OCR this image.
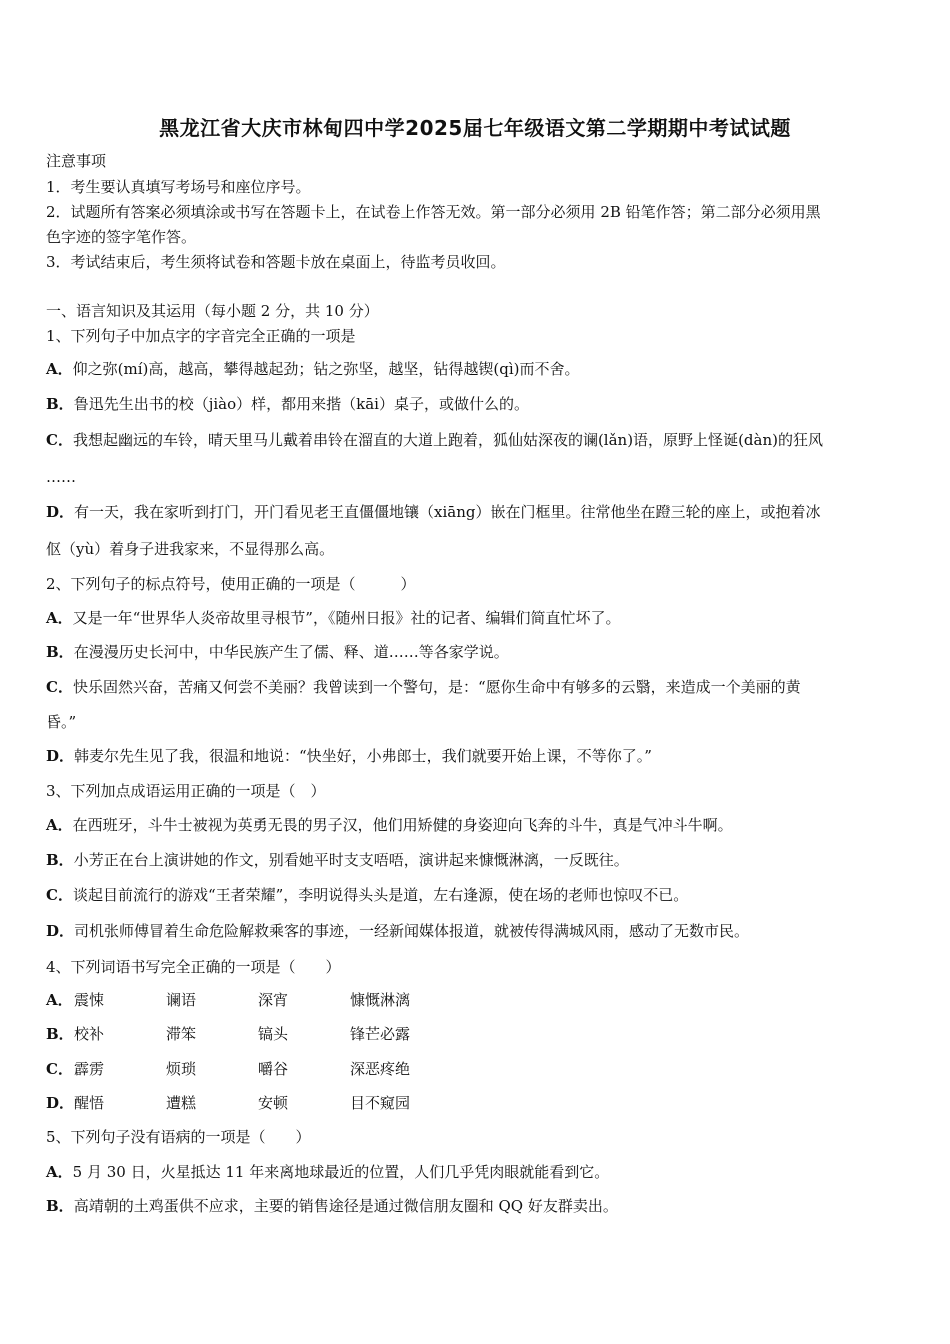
黑龙江省大庆市林甸四中学2025届七年级语文第二学期期中考试试题
注意事项
1．考生要认真填写考场号和座位序号。
2．试题所有答案必须填涂或书写在答题卡上，在试卷上作答无效。第一部分必须用 2B 铅笔作答；第二部分必须用黑
色字迹的签字笔作答。
3．考试结束后，考生须将试卷和答题卡放在桌面上，待监考员收回。
一、语言知识及其运用（每小题 2 分，共 10 分）
1、下列句子中加点字的字音完全正确的一项是
A．仰之弥(mí)高，越高，攀得越起劲；钻之弥坚，越坚，钻得越锲(qì)而不舍。
B．鲁迅先生出书的校（jiào）样，都用来揩（kāi）桌子，或做什么的。
C．我想起幽远的车铃，晴天里马儿戴着串铃在溜直的大道上跑着，狐仙姑深夜的谰(lǎn)语，原野上怪诞(dàn)的狂风
……
D．有一天，我在家听到打门，开门看见老王直僵僵地镶（xiāng）嵌在门框里。往常他坐在蹬三轮的座上，或抱着冰
伛（yù）着身子进我家来，不显得那么高。
2、下列句子的标点符号，使用正确的一项是（　　　）
A．又是一年“世界华人炎帝故里寻根节”，《随州日报》社的记者、编辑们简直忙坏了。
B．在漫漫历史长河中，中华民族产生了儒、释、道……等各家学说。
C．快乐固然兴奋，苦痛又何尝不美丽？我曾读到一个警句，是：“愿你生命中有够多的云翳，来造成一个美丽的黄
昏。”
D．韩麦尔先生见了我，很温和地说：“快坐好，小弗郎士，我们就要开始上课，不等你了。”
3、下列加点成语运用正确的一项是（　）
A．在西班牙，斗牛士被视为英勇无畏的男子汉，他们用矫健的身姿迎向飞奔的斗牛，真是气冲斗牛啊。
B．小芳正在台上演讲她的作文，别看她平时支支唔唔，演讲起来慷慨淋漓，一反既往。
C．谈起目前流行的游戏“王者荣耀”，李明说得头头是道，左右逢源，使在场的老师也惊叹不已。
D．司机张师傅冒着生命危险解救乘客的事迹，一经新闻媒体报道，就被传得满城风雨，感动了无数市民。
4、下列词语书写完全正确的一项是（　　）
A． 震悚	谰语	深宵	慷慨淋漓
B． 校补	滞笨	镐头	锋芒必露
C． 霹雳	烦琐	嚼谷	深恶疼绝
D． 醒悟	遭糕	安顿	目不窥园
5、下列句子没有语病的一项是（　　）
A．5 月 30 日，火星抵达 11 年来离地球最近的位置，人们几乎凭肉眼就能看到它。
B．高靖朝的土鸡蛋供不应求，主要的销售途径是通过微信朋友圈和 QQ 好友群卖出。
